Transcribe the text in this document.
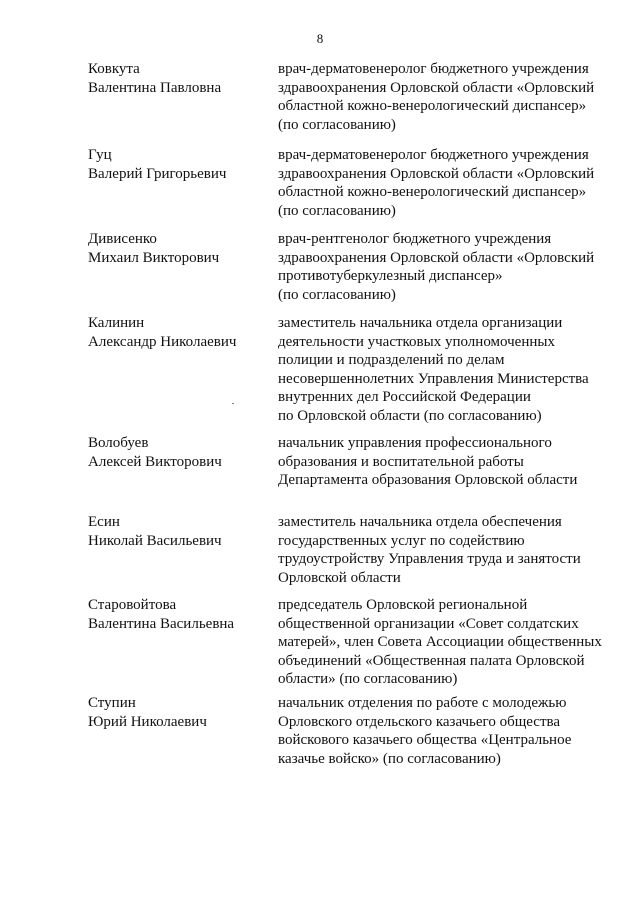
8
Ковкута
Валентина Павловна
врач-дерматовенеролог бюджетного учреждения
здравоохранения Орловской области «Орловский
областной кожно-венерологический диспансер»
(по согласованию)
Гуц
Валерий Григорьевич
врач-дерматовенеролог бюджетного учреждения
здравоохранения Орловской области «Орловский
областной кожно-венерологический диспансер»
(по согласованию)
Дивисенко
Михаил Викторович
врач-рентгенолог бюджетного учреждения
здравоохранения Орловской области «Орловский
противотуберкулезный диспансер»
(по согласованию)
Калинин
Александр Николаевич
заместитель начальника отдела организации
деятельности участковых уполномоченных
полиции и подразделений по делам
несовершеннолетних Управления Министерства
внутренних дел Российской Федерации
по Орловской области (по согласованию)
Волобуев
Алексей Викторович
начальник управления профессионального
образования и воспитательной работы
Департамента образования Орловской области
Есин
Николай Васильевич
заместитель начальника отдела обеспечения
государственных услуг по содействию
трудоустройству Управления труда и занятости
Орловской области
Старовойтова
Валентина Васильевна
председатель Орловской региональной
общественной организации «Совет солдатских
матерей», член Совета Ассоциации общественных
объединений «Общественная палата Орловской
области» (по согласованию)
Ступин
Юрий Николаевич
начальник отделения по работе с молодежью
Орловского отдельского казачьего общества
войскового казачьего общества «Центральное
казачье войско» (по согласованию)
